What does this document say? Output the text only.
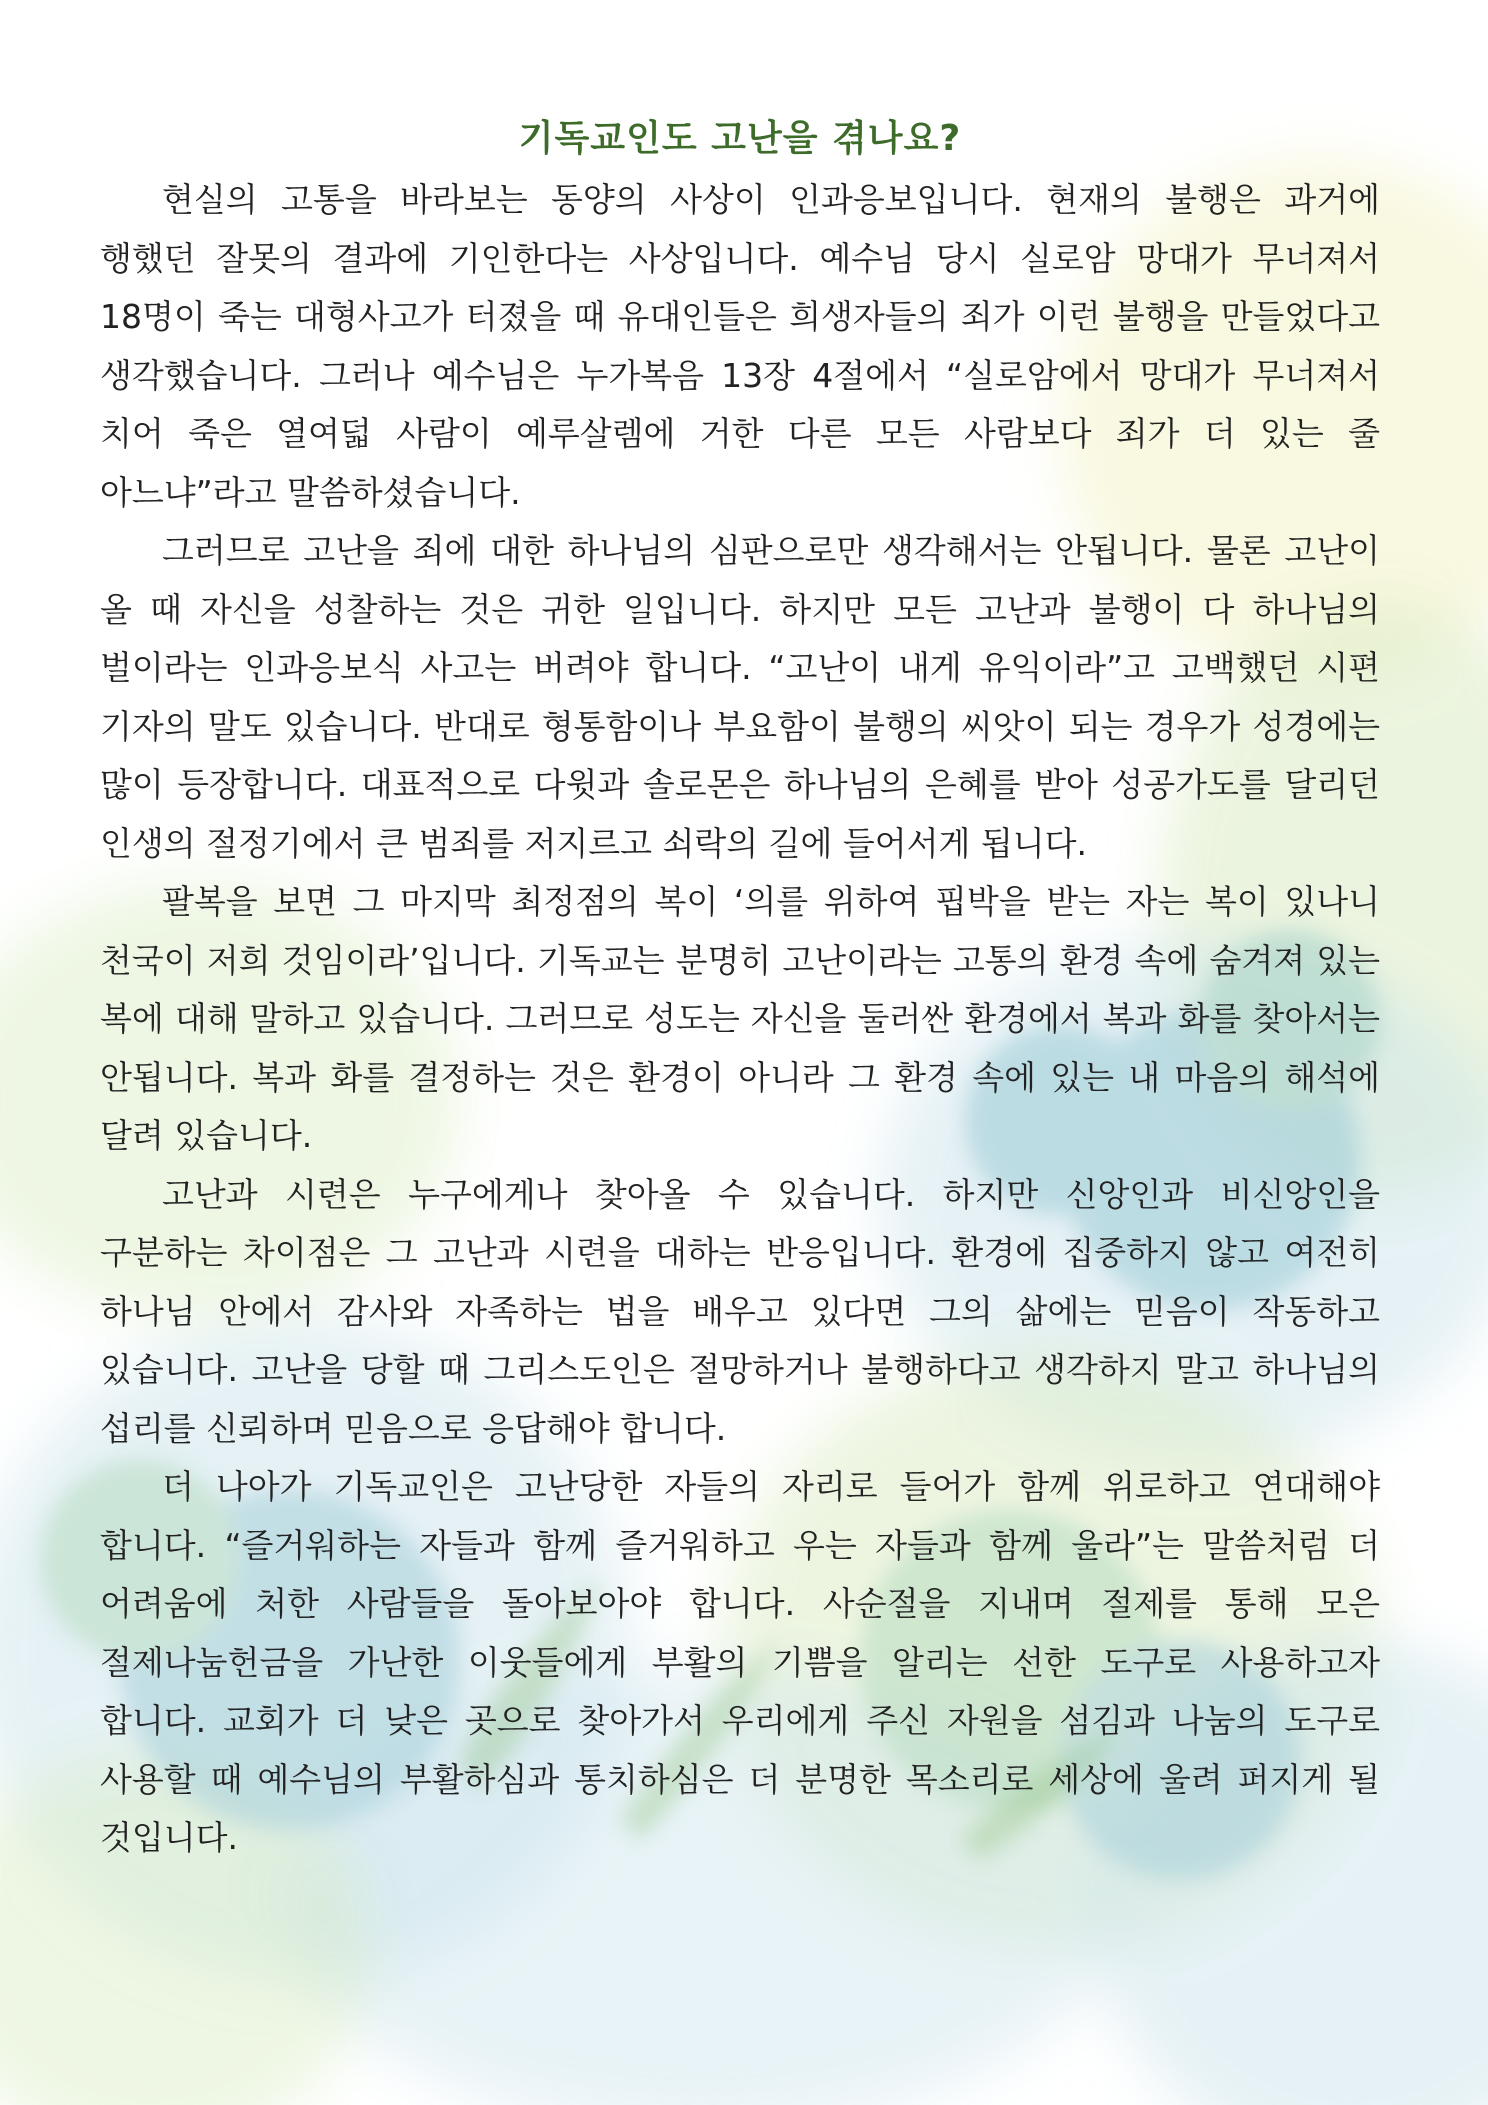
기독교인도 고난을 겪나요?

현실의 고통을 바라보는 동양의 사상이 인과응보입니다. 현재의 불행은 과거에 행했던 잘못의 결과에 기인한다는 사상입니다. 예수님 당시 실로암 망대가 무너져서 18명이 죽는 대형사고가 터졌을 때 유대인들은 희생자들의 죄가 이런 불행을 만들었다고 생각했습니다. 그러나 예수님은 누가복음 13장 4절에서 “실로암에서 망대가 무너져서 치어 죽은 열여덟 사람이 예루살렘에 거한 다른 모든 사람보다 죄가 더 있는 줄 아느냐”라고 말씀하셨습니다.

그러므로 고난을 죄에 대한 하나님의 심판으로만 생각해서는 안됩니다. 물론 고난이 올 때 자신을 성찰하는 것은 귀한 일입니다. 하지만 모든 고난과 불행이 다 하나님의 벌이라는 인과응보식 사고는 버려야 합니다. “고난이 내게 유익이라”고 고백했던 시편 기자의 말도 있습니다. 반대로 형통함이나 부요함이 불행의 씨앗이 되는 경우가 성경에는 많이 등장합니다. 대표적으로 다윗과 솔로몬은 하나님의 은혜를 받아 성공가도를 달리던 인생의 절정기에서 큰 범죄를 저지르고 쇠락의 길에 들어서게 됩니다.

팔복을 보면 그 마지막 최정점의 복이 ‘의를 위하여 핍박을 받는 자는 복이 있나니 천국이 저희 것임이라’입니다. 기독교는 분명히 고난이라는 고통의 환경 속에 숨겨져 있는 복에 대해 말하고 있습니다. 그러므로 성도는 자신을 둘러싼 환경에서 복과 화를 찾아서는 안됩니다. 복과 화를 결정하는 것은 환경이 아니라 그 환경 속에 있는 내 마음의 해석에 달려 있습니다.

고난과 시련은 누구에게나 찾아올 수 있습니다. 하지만 신앙인과 비신앙인을 구분하는 차이점은 그 고난과 시련을 대하는 반응입니다. 환경에 집중하지 않고 여전히 하나님 안에서 감사와 자족하는 법을 배우고 있다면 그의 삶에는 믿음이 작동하고 있습니다. 고난을 당할 때 그리스도인은 절망하거나 불행하다고 생각하지 말고 하나님의 섭리를 신뢰하며 믿음으로 응답해야 합니다.

더 나아가 기독교인은 고난당한 자들의 자리로 들어가 함께 위로하고 연대해야 합니다. “즐거워하는 자들과 함께 즐거워하고 우는 자들과 함께 울라”는 말씀처럼 더 어려움에 처한 사람들을 돌아보아야 합니다. 사순절을 지내며 절제를 통해 모은 절제나눔헌금을 가난한 이웃들에게 부활의 기쁨을 알리는 선한 도구로 사용하고자 합니다. 교회가 더 낮은 곳으로 찾아가서 우리에게 주신 자원을 섬김과 나눔의 도구로 사용할 때 예수님의 부활하심과 통치하심은 더 분명한 목소리로 세상에 울려 퍼지게 될 것입니다.
